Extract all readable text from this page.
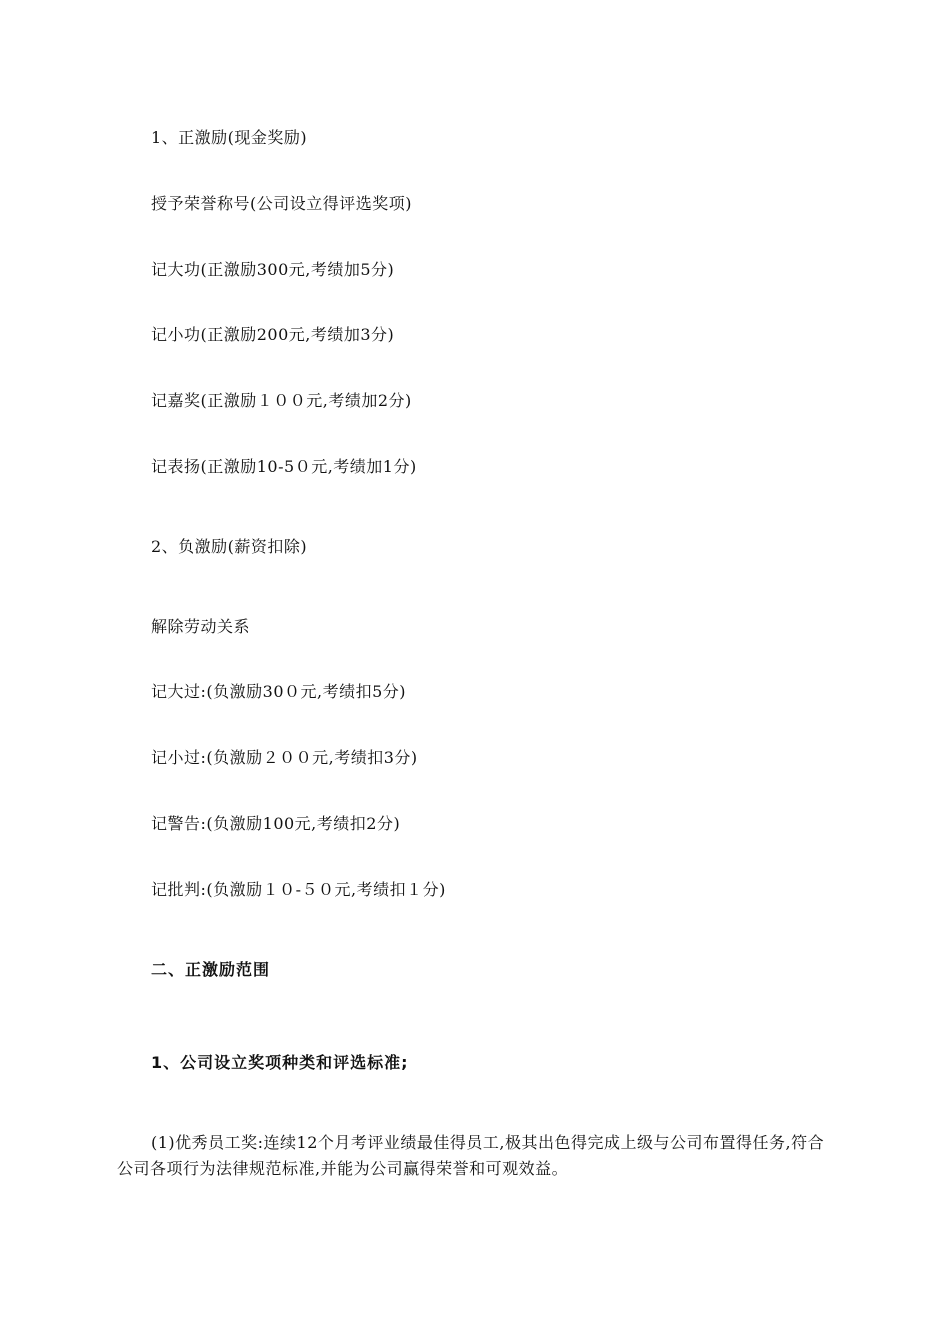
1、正激励(现金奖励)
授予荣誉称号(公司设立得评选奖项)
记大功(正激励300元,考绩加5分)
记小功(正激励200元,考绩加3分)
记嘉奖(正激励１００元,考绩加2分)
记表扬(正激励10-5０元,考绩加1分)
2、负激励(薪资扣除)
解除劳动关系
记大过:(负激励30０元,考绩扣5分)
记小过:(负激励２００元,考绩扣3分)
记警告:(负激励100元,考绩扣2分)
记批判:(负激励１０-５０元,考绩扣１分)
二、正激励范围
1、公司设立奖项种类和评选标准;
(1)优秀员工奖:连续12个月考评业绩最佳得员工,极其出色得完成上级与公司布置得任务,符合公司各项行为法律规范标准,并能为公司赢得荣誉和可观效益。
